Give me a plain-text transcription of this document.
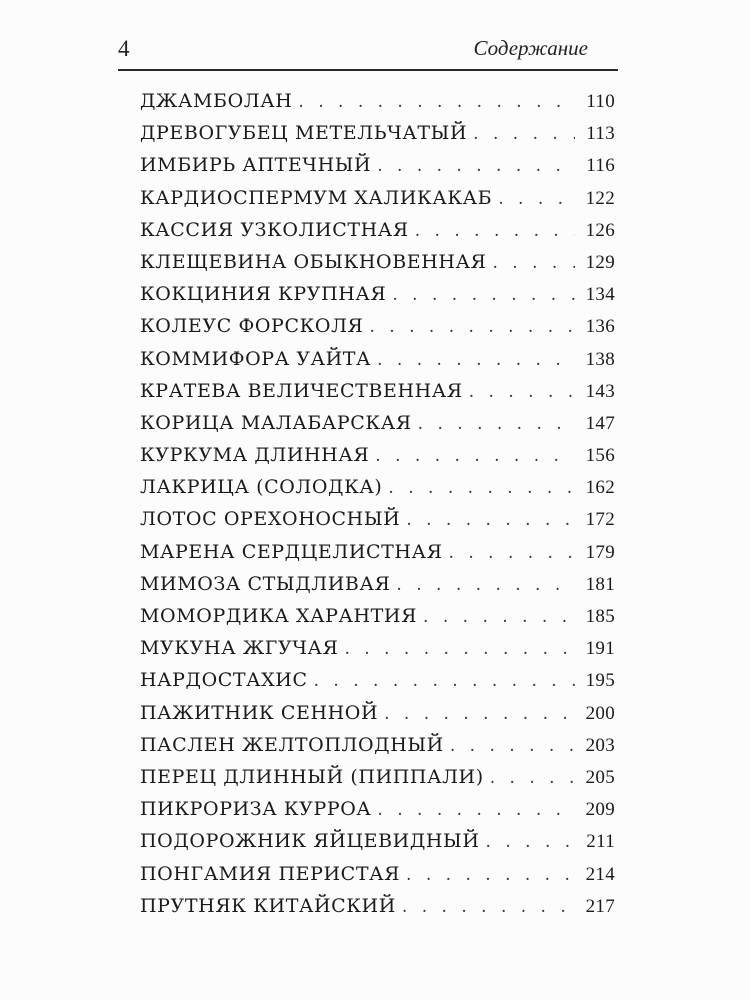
4	Содержание
ДЖАМБОЛАН . . .	110
ДРЕВОГУБЕЦ МЕТЕЛЬЧАТЫЙ . . .	113
ИМБИРЬ АПТЕЧНЫЙ . . .	116
КАРДИОСПЕРМУМ ХАЛИКАКАБ . . .	122
КАССИЯ УЗКОЛИСТНАЯ . . .	126
КЛЕЩЕВИНА ОБЫКНОВЕННАЯ . . .	129
КОКЦИНИЯ КРУПНАЯ . . .	134
КОЛЕУС ФОРСКОЛЯ . . .	136
КОММИФОРА УАЙТА . . .	138
КРАТЕВА ВЕЛИЧЕСТВЕННАЯ . . .	143
КОРИЦА МАЛАБАРСКАЯ . . .	147
КУРКУМА ДЛИННАЯ . . .	156
ЛАКРИЦА (СОЛОДКА) . . .	162
ЛОТОС ОРЕХОНОСНЫЙ . . .	172
МАРЕНА СЕРДЦЕЛИСТНАЯ . . .	179
МИМОЗА СТЫДЛИВАЯ . . .	181
МОМОРДИКА ХАРАНТИЯ . . .	185
МУКУНА ЖГУЧАЯ . . .	191
НАРДОСТАХИС . . .	195
ПАЖИТНИК СЕННОЙ . . .	200
ПАСЛЕН ЖЕЛТОПЛОДНЫЙ . . .	203
ПЕРЕЦ ДЛИННЫЙ (ПИППАЛИ) . . .	205
ПИКРОРИЗА КУРРОА . . .	209
ПОДОРОЖНИК ЯЙЦЕВИДНЫЙ . . .	211
ПОНГАМИЯ ПЕРИСТАЯ . . .	214
ПРУТНЯК КИТАЙСКИЙ . . .	217
